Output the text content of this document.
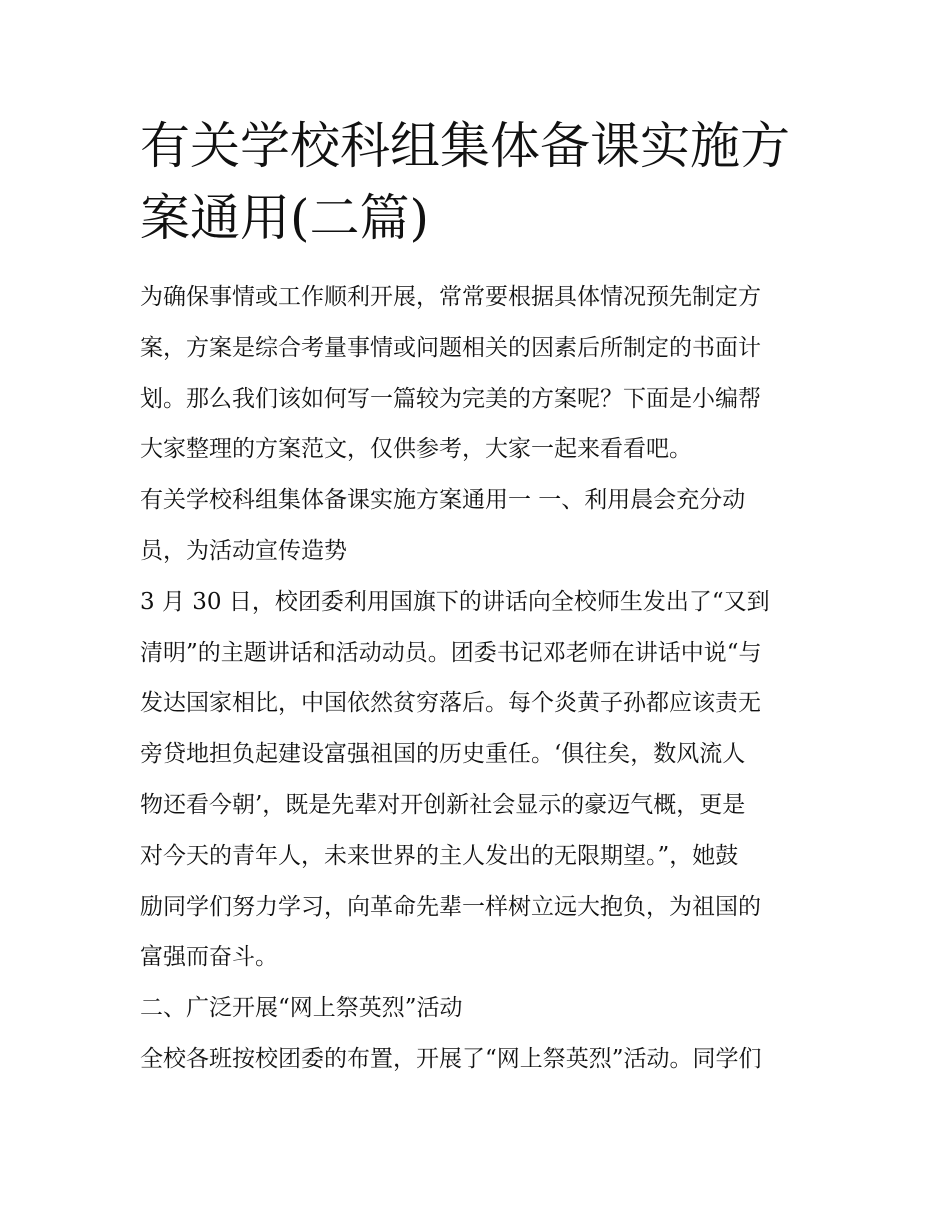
有关学校科组集体备课实施方
案通用(二篇)

为确保事情或工作顺利开展，常常要根据具体情况预先制定方
案，方案是综合考量事情或问题相关的因素后所制定的书面计
划。那么我们该如何写一篇较为完美的方案呢？下面是小编帮
大家整理的方案范文，仅供参考，大家一起来看看吧。

有关学校科组集体备课实施方案通用一 一、利用晨会充分动
员，为活动宣传造势

3 月 30 日，校团委利用国旗下的讲话向全校师生发出了“又到
清明”的主题讲话和活动动员。团委书记邓老师在讲话中说“与
发达国家相比，中国依然贫穷落后。每个炎黄子孙都应该责无
旁贷地担负起建设富强祖国的历史重任。‘俱往矣，数风流人
物还看今朝’，既是先辈对开创新社会显示的豪迈气概，更是
对今天的青年人，未来世界的主人发出的无限期望。”，她鼓
励同学们努力学习，向革命先辈一样树立远大抱负，为祖国的
富强而奋斗。

二、广泛开展“网上祭英烈”活动

全校各班按校团委的布置，开展了“网上祭英烈”活动。同学们
